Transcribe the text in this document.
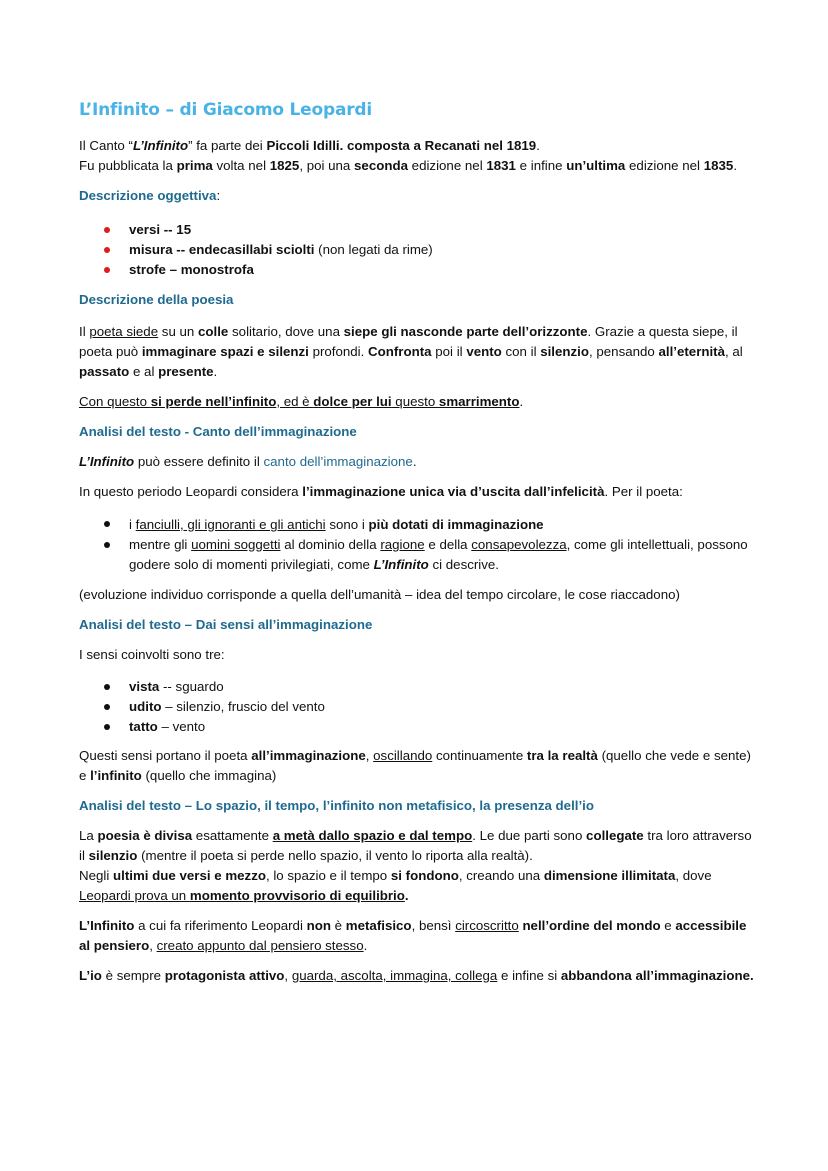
L’Infinito – di Giacomo Leopardi

Il Canto “L’Infinito” fa parte dei Piccoli Idilli. composta a Recanati nel 1819.

Fu pubblicata la prima volta nel 1825, poi una seconda edizione nel 1831 e infine un’ultima edizione nel 1835.

Descrizione oggettiva:
versi -- 15
misura -- endecasillabi sciolti (non legati da rime)
strofe – monostrofa
Descrizione della poesia

Il poeta siede su un colle solitario, dove una siepe gli nasconde parte dell’orizzonte. Grazie a questa siepe, il poeta può immaginare spazi e silenzi profondi. Confronta poi il vento con il silenzio, pensando all’eternità, al passato e al presente.

Con questo si perde nell’infinito, ed è dolce per lui questo smarrimento.

Analisi del testo - Canto dell’immaginazione

L’Infinito può essere definito il canto dell’immaginazione.

In questo periodo Leopardi considera l’immaginazione unica via d’uscita dall’infelicità. Per il poeta:

i fanciulli, gli ignoranti e gli antichi sono i più dotati di immaginazione
mentre gli uomini soggetti al dominio della ragione e della consapevolezza, come gli intellettuali, possono godere solo di momenti privilegiati, come L’Infinito ci descrive.

(evoluzione individuo corrisponde a quella dell’umanità – idea del tempo circolare, le cose riaccadono)

Analisi del testo – Dai sensi all’immaginazione

I sensi coinvolti sono tre:

vista -- sguardo
udito – silenzio, fruscio del vento
tatto – vento

Questi sensi portano il poeta all’immaginazione, oscillando continuamente tra la realtà (quello che vede e sente) e l’infinito (quello che immagina)

Analisi del testo – Lo spazio, il tempo, l’infinito non metafisico, la presenza dell’io

La poesia è divisa esattamente a metà dallo spazio e dal tempo. Le due parti sono collegate tra loro attraverso il silenzio (mentre il poeta si perde nello spazio, il vento lo riporta alla realtà).

Negli ultimi due versi e mezzo, lo spazio e il tempo si fondono, creando una dimensione illimitata, dove Leopardi prova un momento provvisorio di equilibrio.

L’Infinito a cui fa riferimento Leopardi non è metafisico, bensì circoscritto nell’ordine del mondo e accessibile al pensiero, creato appunto dal pensiero stesso.

L’io è sempre protagonista attivo, guarda, ascolta, immagina, collega e infine si abbandona all’immaginazione.
